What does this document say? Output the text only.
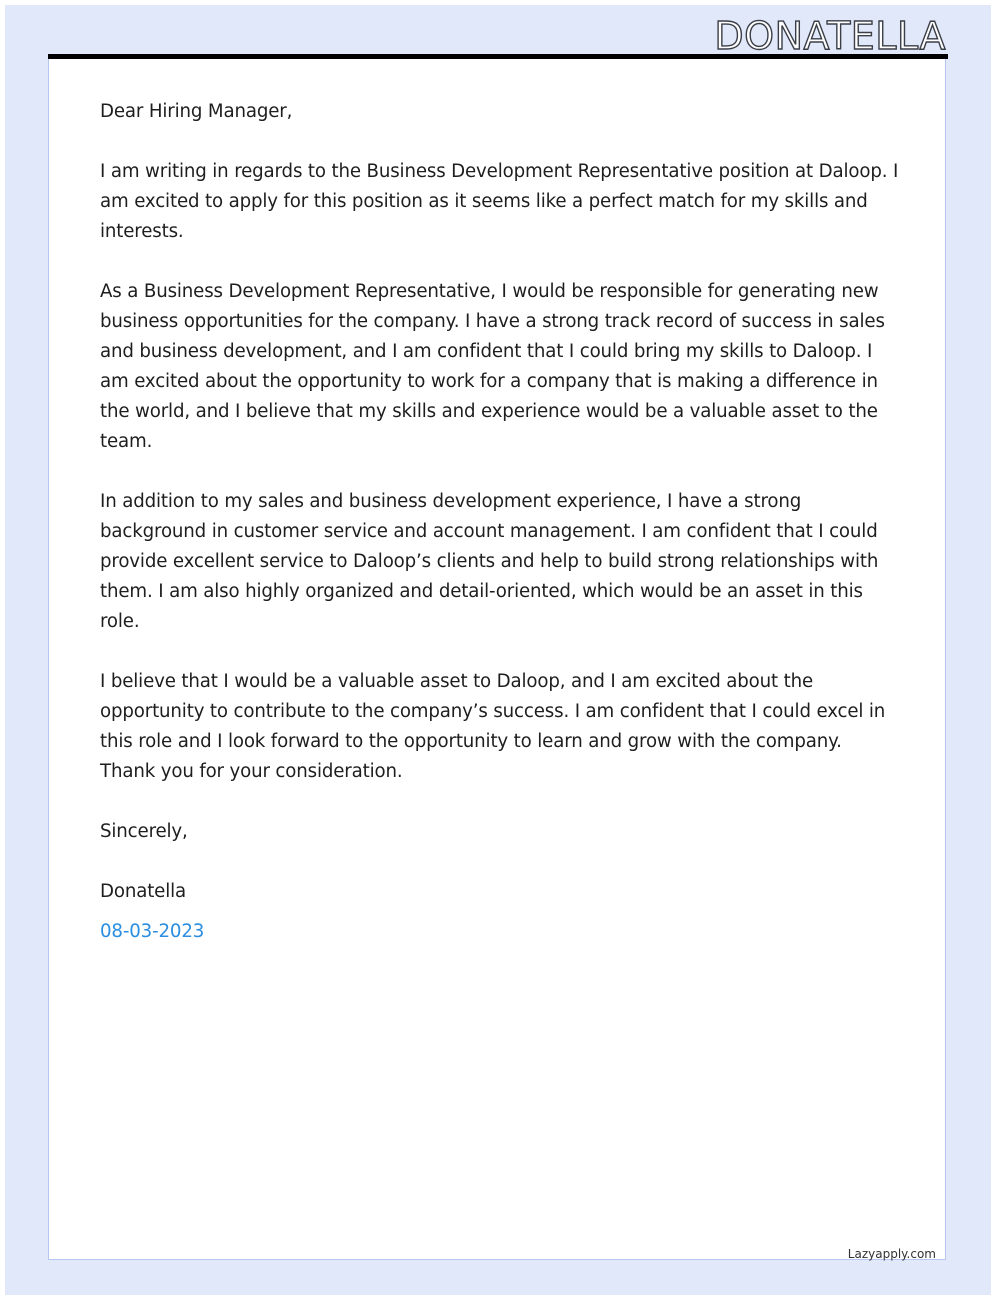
DONATELLA

Dear Hiring Manager,

I am writing in regards to the Business Development Representative position at Daloop. I am excited to apply for this position as it seems like a perfect match for my skills and interests.

As a Business Development Representative, I would be responsible for generating new business opportunities for the company. I have a strong track record of success in sales and business development, and I am confident that I could bring my skills to Daloop. I am excited about the opportunity to work for a company that is making a difference in the world, and I believe that my skills and experience would be a valuable asset to the team.

In addition to my sales and business development experience, I have a strong background in customer service and account management. I am confident that I could provide excellent service to Daloop’s clients and help to build strong relationships with them. I am also highly organized and detail-oriented, which would be an asset in this role.

I believe that I would be a valuable asset to Daloop, and I am excited about the opportunity to contribute to the company’s success. I am confident that I could excel in this role and I look forward to the opportunity to learn and grow with the company. Thank you for your consideration.

Sincerely,

Donatella

08-03-2023

Lazyapply.com
